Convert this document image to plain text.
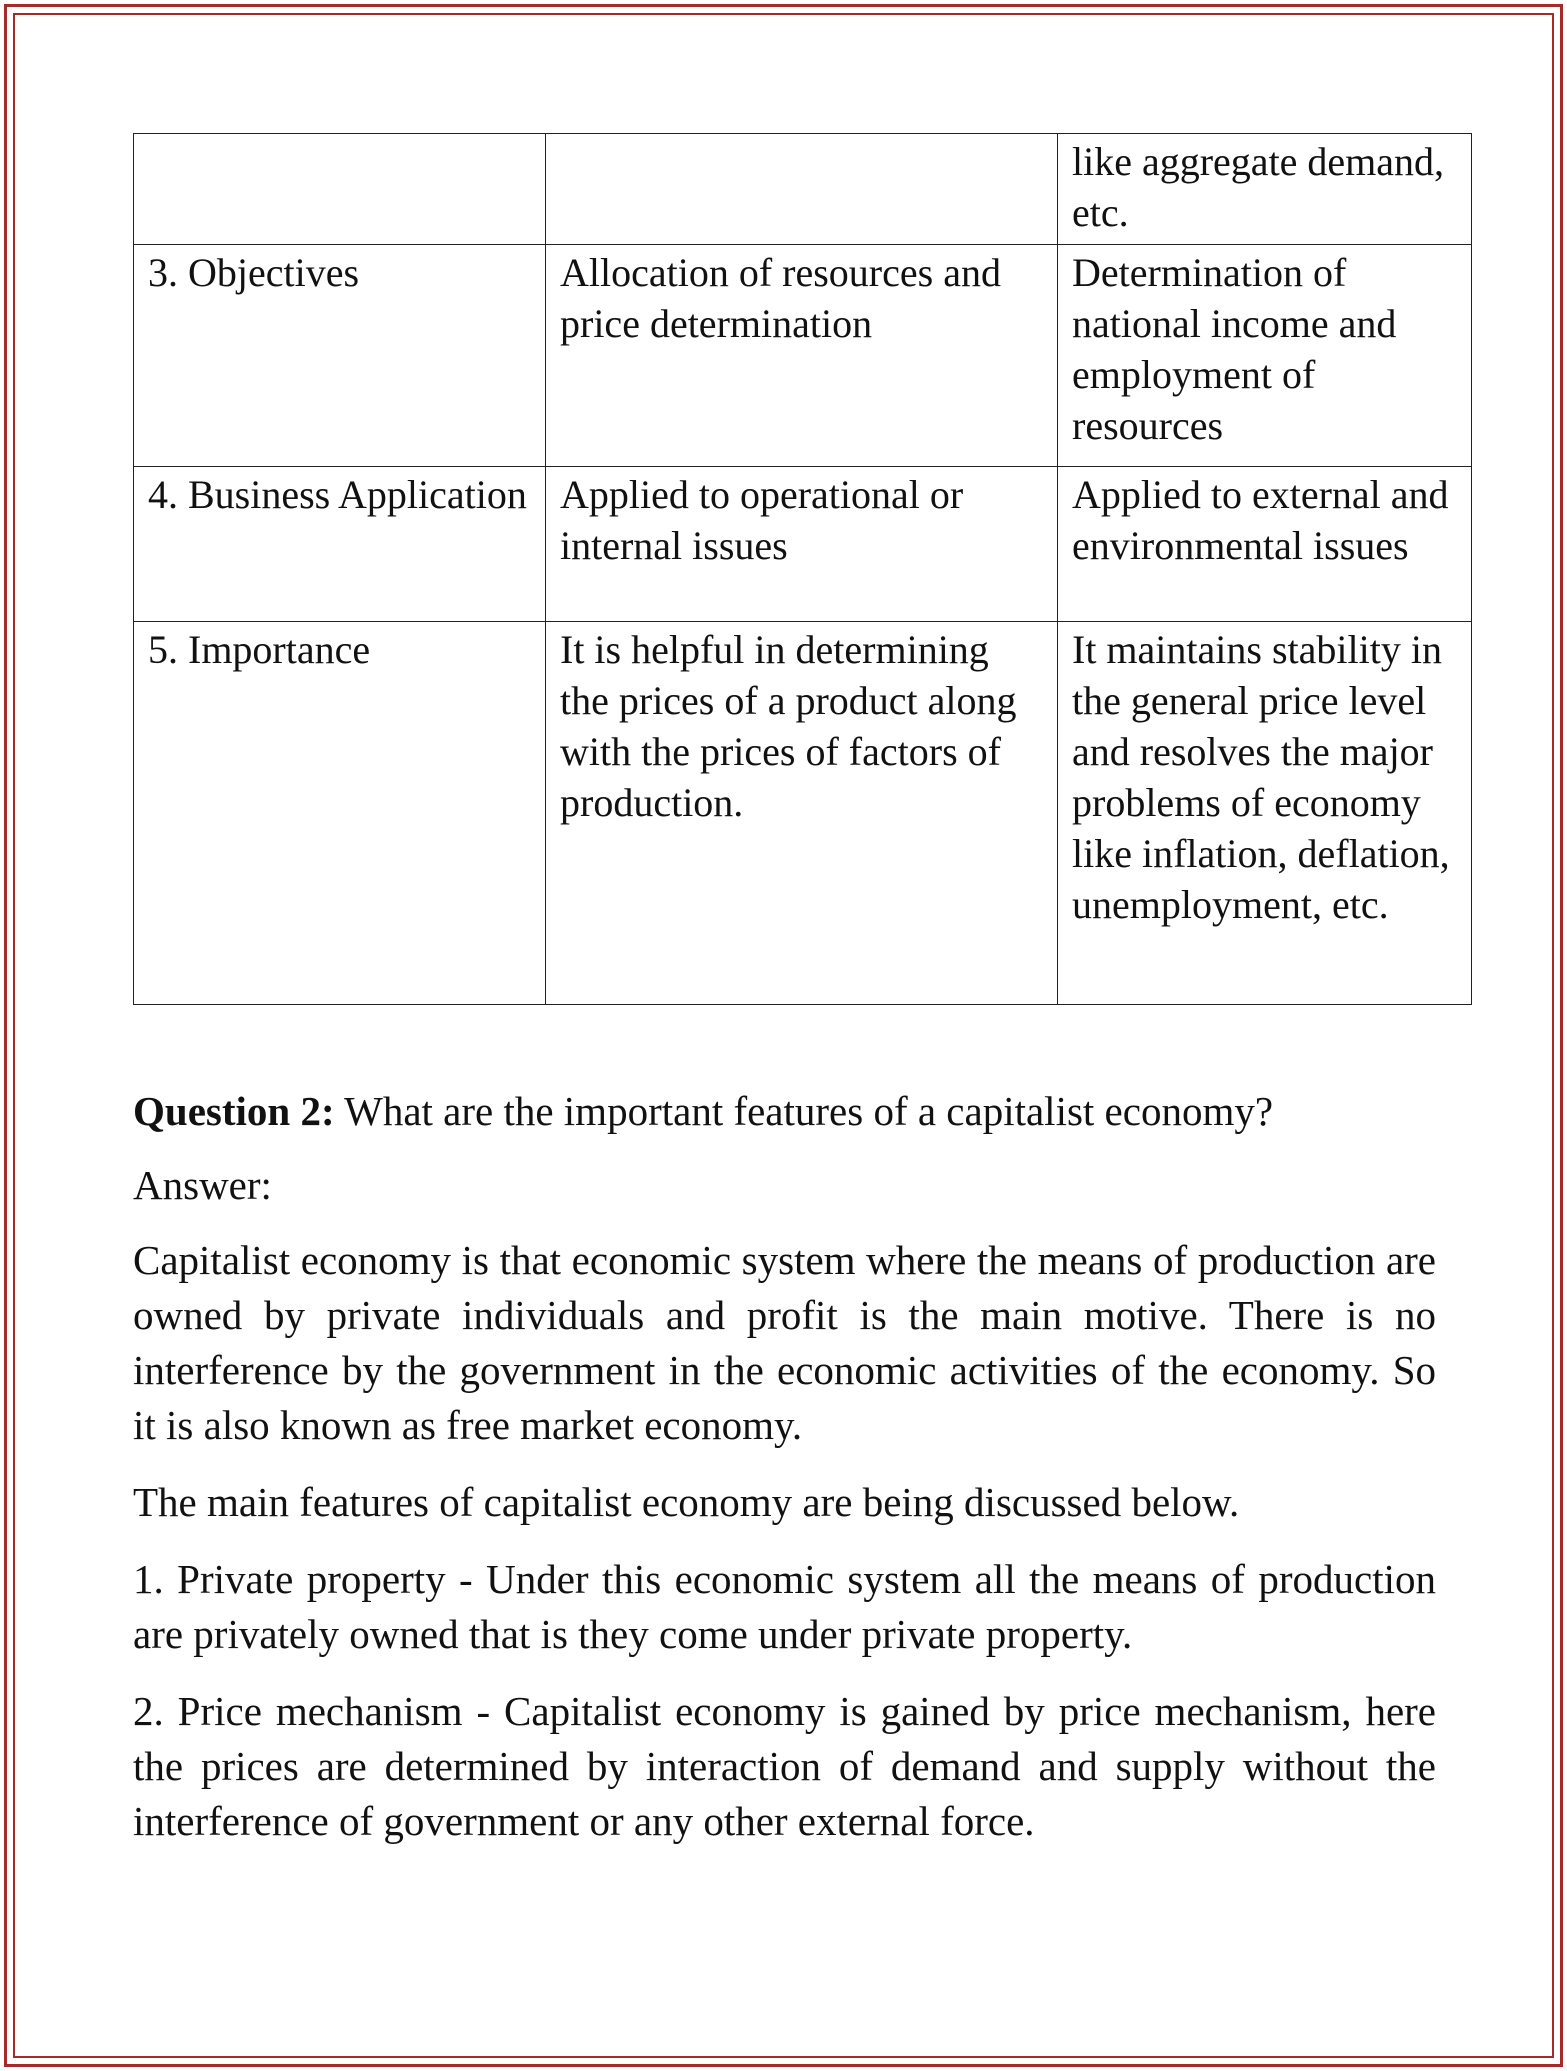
		like aggregate demand, etc.
3. Objectives	Allocation of resources and price determination	Determination of national income and employment of resources
4. Business Application	Applied to operational or internal issues	Applied to external and environmental issues
5. Importance	It is helpful in determining the prices of a product along with the prices of factors of production.	It maintains stability in the general price level and resolves the major problems of economy like inflation, deflation, unemployment, etc.
Question 2: What are the important features of a capitalist economy?
Answer:

Capitalist economy is that economic system where the means of production are owned by private individuals and profit is the main motive. There is no interference by the government in the economic activities of the economy. So it is also known as free market economy.

The main features of capitalist economy are being discussed below.

1. Private property - Under this economic system all the means of production are privately owned that is they come under private property.

2. Price mechanism - Capitalist economy is gained by price mechanism, here the prices are determined by interaction of demand and supply without the interference of government or any other external force.
